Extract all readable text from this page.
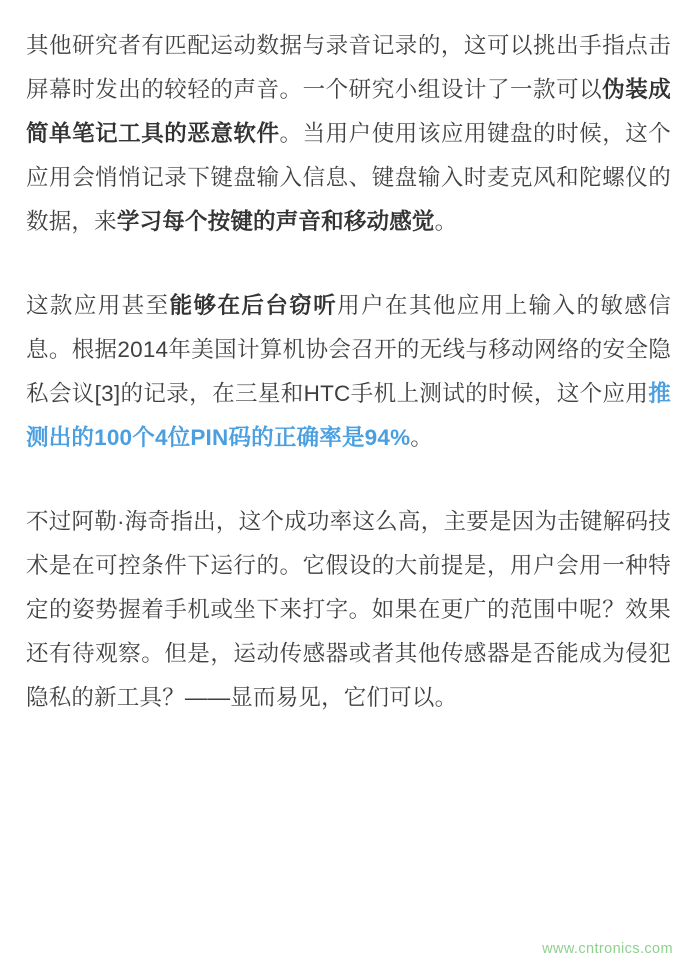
其他研究者有匹配运动数据与录音记录的，这可以挑出手指点击屏幕时发出的较轻的声音。一个研究小组设计了一款可以伪装成简单笔记工具的恶意软件。当用户使用该应用键盘的时候，这个应用会悄悄记录下键盘输入信息、键盘输入时麦克风和陀螺仪的数据，来学习每个按键的声音和移动感觉。

这款应用甚至能够在后台窃听用户在其他应用上输入的敏感信息。根据2014年美国计算机协会召开的无线与移动网络的安全隐私会议[3]的记录，在三星和HTC手机上测试的时候，这个应用推测出的100个4位PIN码的正确率是94%。

不过阿勒·海奇指出，这个成功率这么高，主要是因为击键解码技术是在可控条件下运行的。它假设的大前提是，用户会用一种特定的姿势握着手机或坐下来打字。如果在更广的范围中呢？效果还有待观察。但是，运动传感器或者其他传感器是否能成为侵犯隐私的新工具？——显而易见，它们可以。

www.cntronics.com
